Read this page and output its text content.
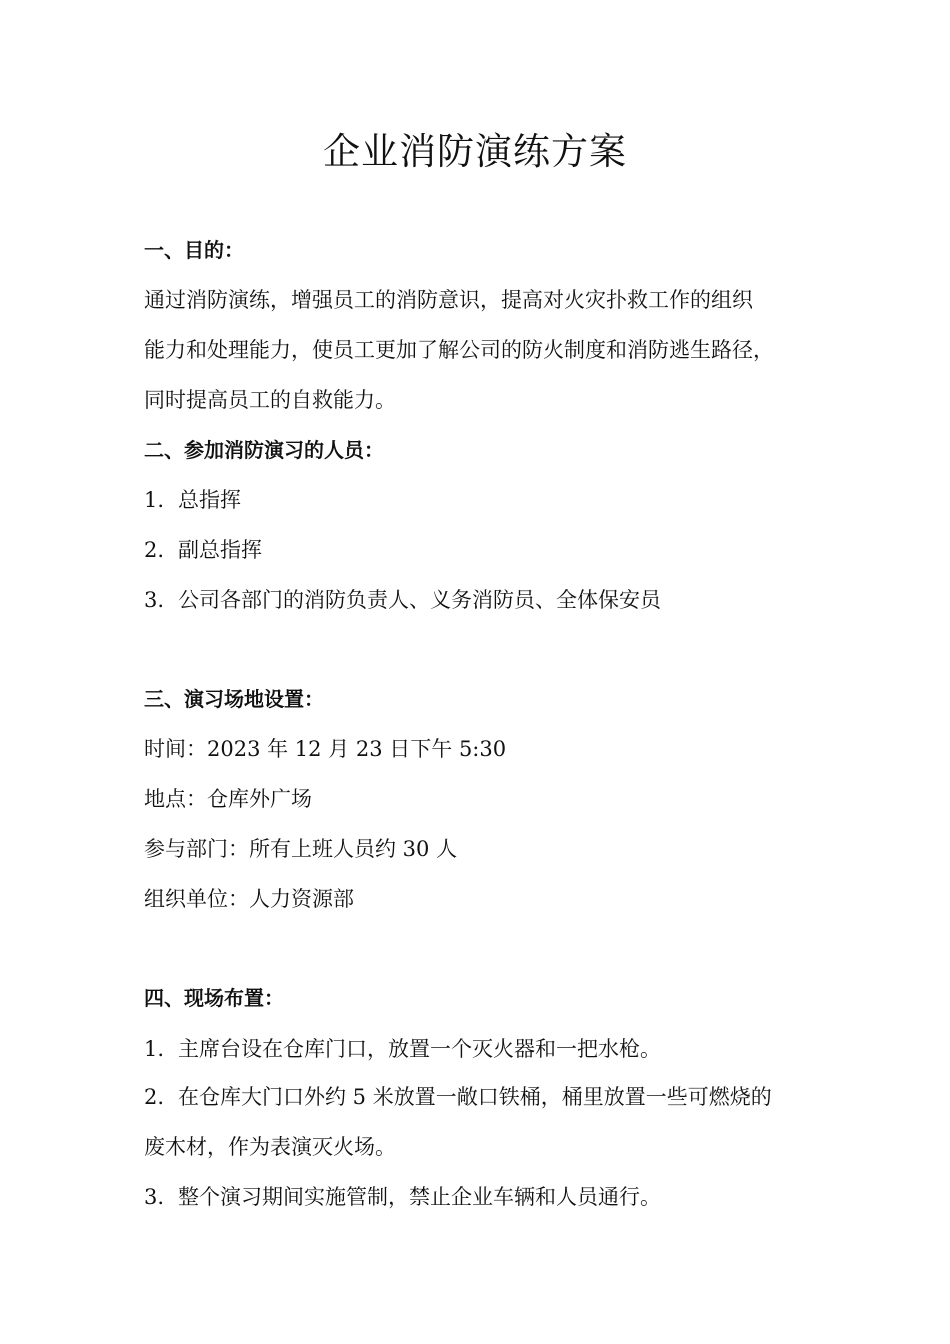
企业消防演练方案

一、目的：

通过消防演练，增强员工的消防意识，提高对火灾扑救工作的组织

能力和处理能力，使员工更加了解公司的防火制度和消防逃生路径，

同时提高员工的自救能力。

二、参加消防演习的人员：

1. 总指挥

2. 副总指挥

3. 公司各部门的消防负责人、义务消防员、全体保安员

三、演习场地设置：

时间：2023 年 12 月 23 日下午 5:30

地点：仓库外广场

参与部门：所有上班人员约 30 人

组织单位：人力资源部

四、现场布置：

1. 主席台设在仓库门口，放置一个灭火器和一把水枪。

2. 在仓库大门口外约 5 米放置一敞口铁桶，桶里放置一些可燃烧的

废木材，作为表演灭火场。

3. 整个演习期间实施管制，禁止企业车辆和人员通行。
